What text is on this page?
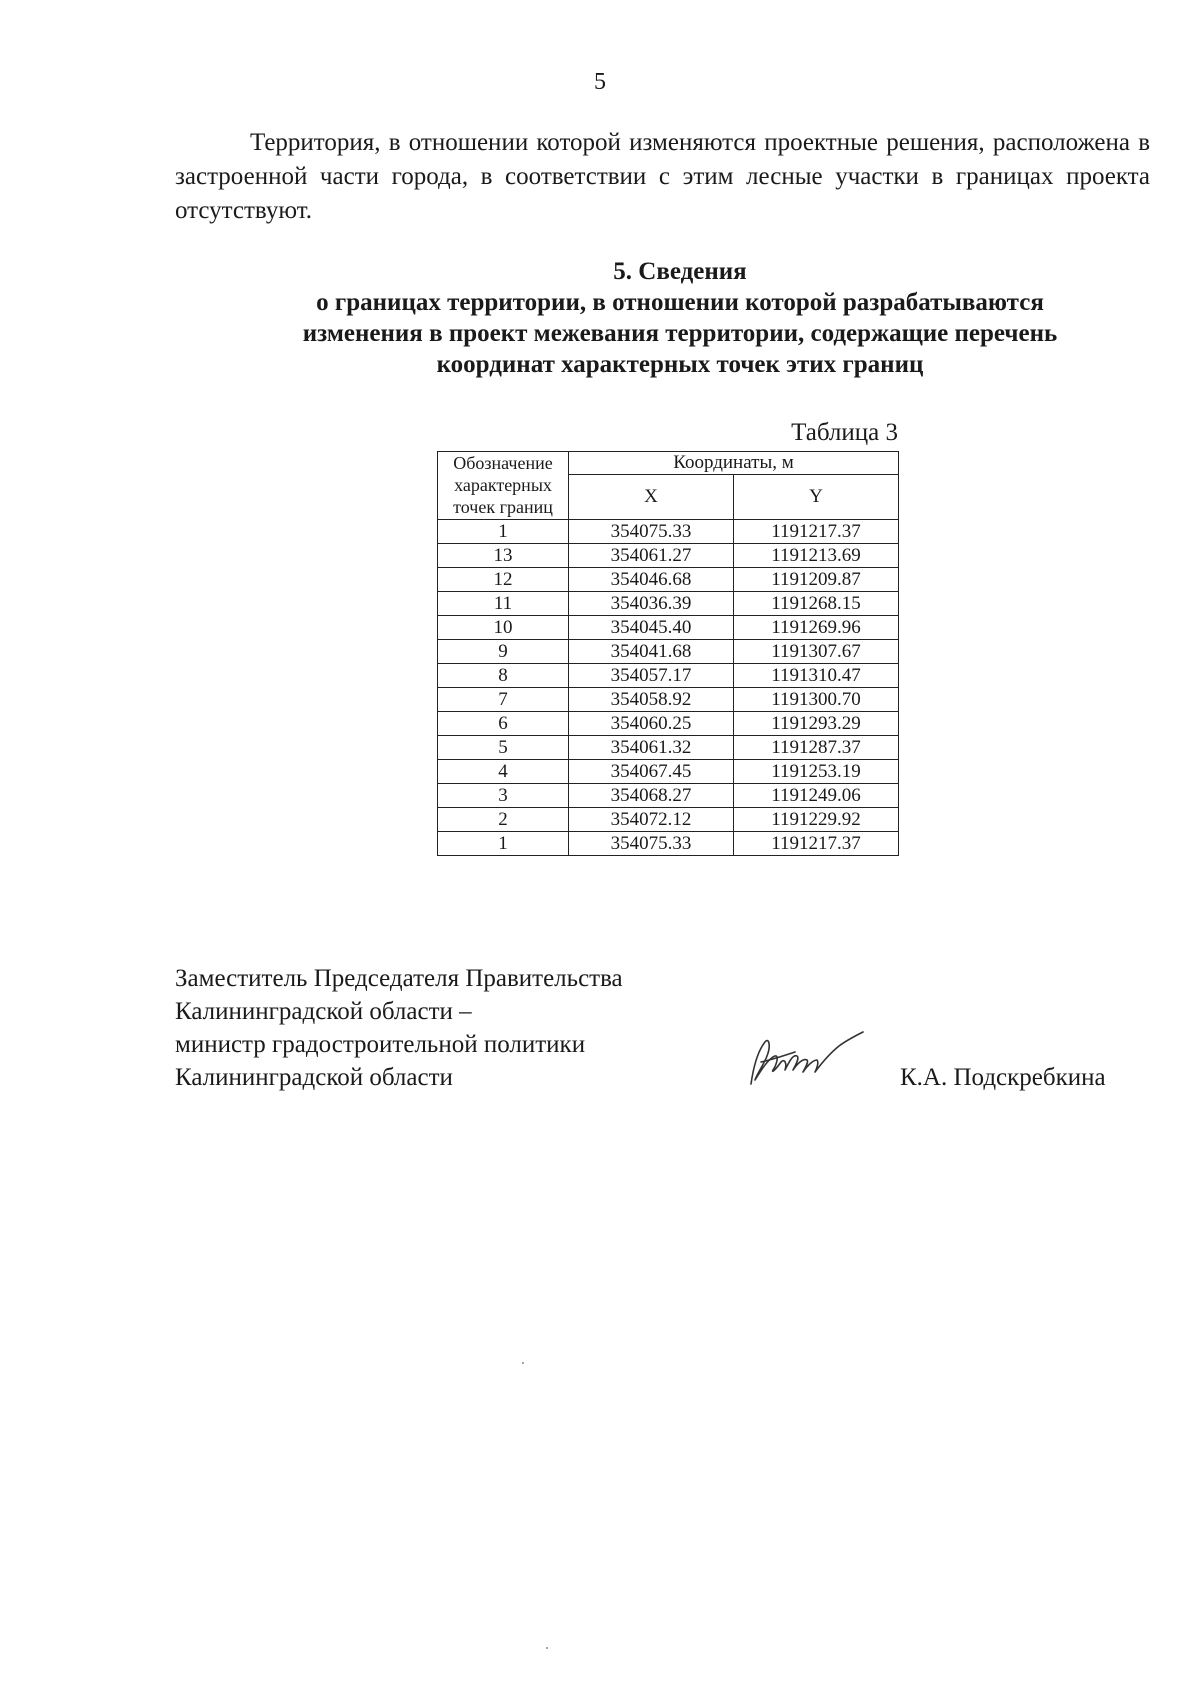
5

Территория, в отношении которой изменяются проектные решения, расположена в застроенной части города, в соответствии с этим лесные участки в границах проекта отсутствуют.

5. Сведения
о границах территории, в отношении которой разрабатываются
изменения в проект межевания территории, содержащие перечень
координат характерных точек этих границ
Таблица 3
Обозначение характерных точек границ	Координаты, м	
	X	Y
1	354075.33	1191217.37
13	354061.27	1191213.69
12	354046.68	1191209.87
11	354036.39	1191268.15
10	354045.40	1191269.96
9	354041.68	1191307.67
8	354057.17	1191310.47
7	354058.92	1191300.70
6	354060.25	1191293.29
5	354061.32	1191287.37
4	354067.45	1191253.19
3	354068.27	1191249.06
2	354072.12	1191229.92
1	354075.33	1191217.37
Заместитель Председателя Правительства
Калининградской области –
министр градостроительной политики
Калининградской области	К.А. Подскребкина
